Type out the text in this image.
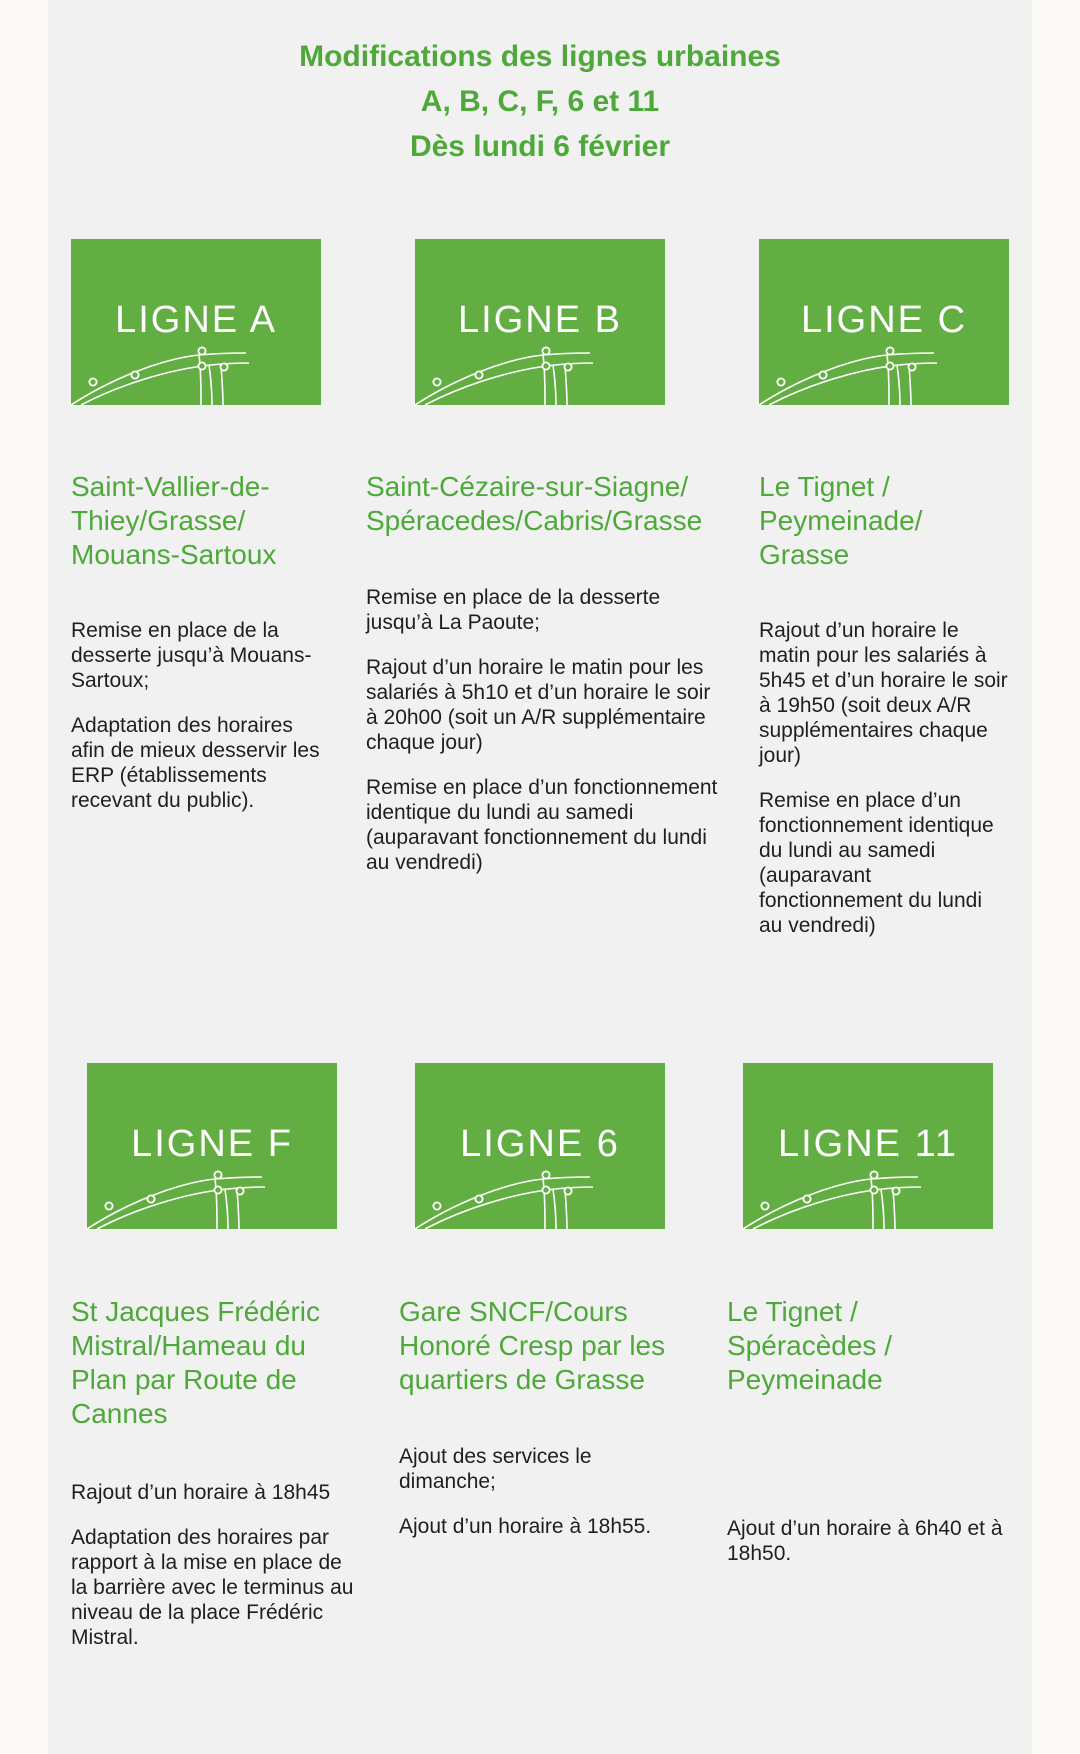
Modifications des lignes urbaines
A, B, C, F, 6 et 11
Dès lundi 6 février
LIGNE A
Saint-Vallier-de-Thiey/Grasse/ Mouans-Sartoux

Remise en place de la desserte jusqu’à Mouans-Sartoux;

Adaptation des horaires afin de mieux desservir les ERP (établissements recevant du public).

LIGNE B
Saint-Cézaire-sur-Siagne/ Spéracedes/Cabris/Grasse

Remise en place de la desserte jusqu’à La Paoute;

Rajout d’un horaire le matin pour les salariés à 5h10 et d’un horaire le soir à 20h00 (soit un A/R supplémentaire chaque jour)

Remise en place d’un fonctionnement identique du lundi au samedi (auparavant fonctionnement du lundi au vendredi)

LIGNE C
Le Tignet / Peymeinade/ Grasse

Rajout d’un horaire le matin pour les salariés à 5h45 et d’un horaire le soir à 19h50 (soit deux A/R supplémentaires chaque jour)

Remise en place d’un fonctionnement identique du lundi au samedi (auparavant fonctionnement du lundi au vendredi)

LIGNE F
St Jacques Frédéric Mistral/Hameau du Plan par Route de Cannes

Rajout d’un horaire à 18h45

Adaptation des horaires par rapport à la mise en place de la barrière avec le terminus au niveau de la place Frédéric Mistral.

LIGNE 6
Gare SNCF/Cours Honoré Cresp par les quartiers de Grasse

Ajout des services le dimanche;

Ajout d’un horaire à 18h55.

LIGNE 11
Le Tignet / Spéracèdes / Peymeinade

Ajout d’un horaire à 6h40 et à 18h50.
